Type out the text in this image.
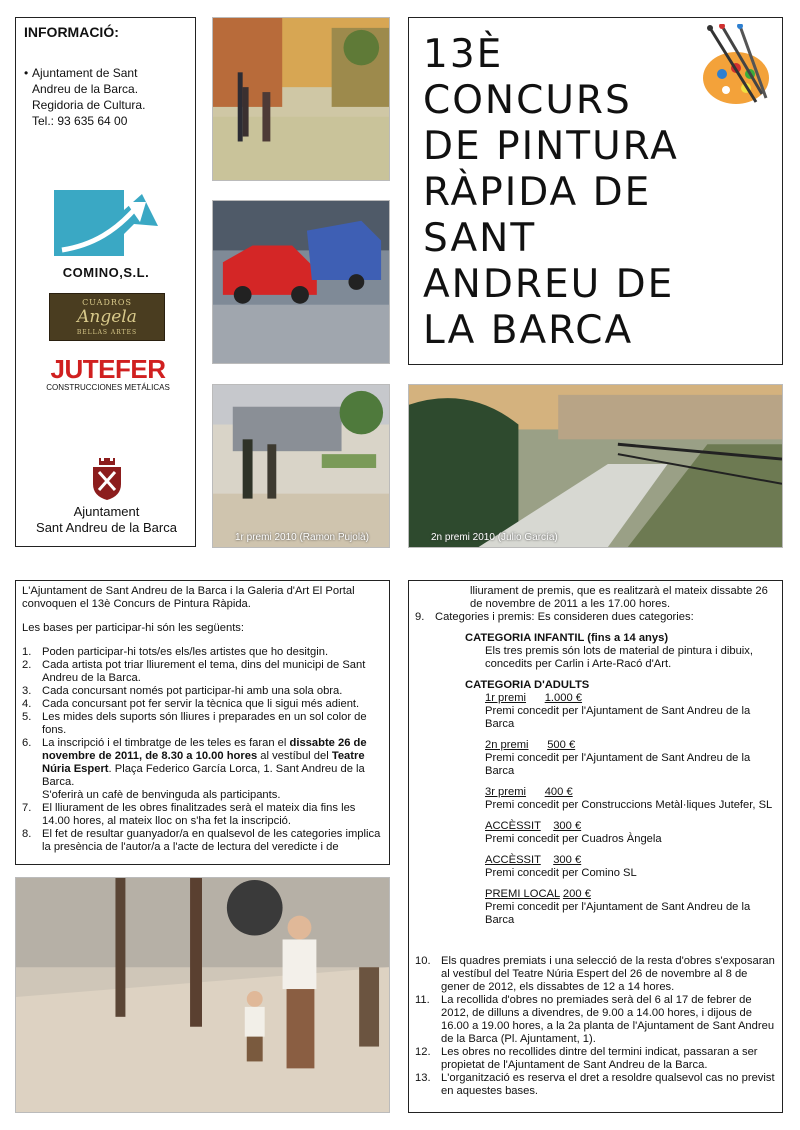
INFORMACIÓ:
• Ajuntament de Sant
Andreu de la Barca.
Regidoria de Cultura.
Tel.: 93 635 64 00
COMINO,S.L.
CUADROS
Angela
BELLAS ARTES
JUTEFER
CONSTRUCCIONES METÁLICAS
Ajuntament
Sant Andreu de la Barca
13È
CONCURS
DE PINTURA
RÀPIDA DE
SANT
ANDREU DE
LA BARCA
1r premi 2010 (Ramon Pujolà)	2n premi 2010 (Julio García)

L'Ajuntament de Sant Andreu de la Barca i la Galeria d'Art El Portal convoquen el 13è Concurs de Pintura Ràpida.

Les bases per participar-hi són les següents:

1. Poden participar-hi tots/es els/les artistes que ho desitgin.
2. Cada artista pot triar lliurement el tema, dins del municipi de Sant Andreu de la Barca.
3. Cada concursant només pot participar-hi amb una sola obra.
4. Cada concursant pot fer servir la tècnica que li sigui més adient.
5. Les mides dels suports són lliures i preparades en un sol color de fons.
6. La inscripció i el timbratge de les teles es faran el dissabte 26 de novembre de 2011, de 8.30 a 10.00 hores al vestíbul del Teatre Núria Espert. Plaça Federico García Lorca, 1. Sant Andreu de la Barca.
S'oferirà un cafè de benvinguda als participants.
7. El lliurament de les obres finalitzades serà el mateix dia fins les 14.00 hores, al mateix lloc on s'ha fet la inscripció.
8. El fet de resultar guanyador/a en qualsevol de les categories implica la presència de l'autor/a a l'acte de lectura del veredicte i de

lliurament de premis, que es realitzarà el mateix dissabte 26 de novembre de 2011 a les 17.00 hores.

9. Categories i premis: Es consideren dues categories:

CATEGORIA INFANTIL (fins a 14 anys)

Els tres premis són lots de material de pintura i dibuix, concedits per Carlin i Arte-Racó d'Art.

CATEGORIA D'ADULTS

1r premi 1.000 €
Premi concedit per l'Ajuntament de Sant Andreu de la Barca
2n premi 500 €
Premi concedit per l'Ajuntament de Sant Andreu de la Barca
3r premi 400 €
Premi concedit per Construccions Metàl·liques Jutefer, SL
ACCÈSSIT 300 €
Premi concedit per Cuadros Àngela
ACCÈSSIT 300 €
Premi concedit per Comino SL
PREMI LOCAL 200 €
Premi concedit per l'Ajuntament de Sant Andreu de la Barca
10. Els quadres premiats i una selecció de la resta d'obres s'exposaran al vestíbul del Teatre Núria Espert del 26 de novembre al 8 de gener de 2012, els dissabtes de 12 a 14 hores.
11. La recollida d'obres no premiades serà del 6 al 17 de febrer de 2012, de dilluns a divendres, de 9.00 a 14.00 hores, i dijous de 16.00 a 19.00 hores, a la 2a planta de l'Ajuntament de Sant Andreu de la Barca (Pl. Ajuntament, 1).
12. Les obres no recollides dintre del termini indicat, passaran a ser propietat de l'Ajuntament de Sant Andreu de la Barca.
13. L'organització es reserva el dret a resoldre qualsevol cas no previst en aquestes bases.
